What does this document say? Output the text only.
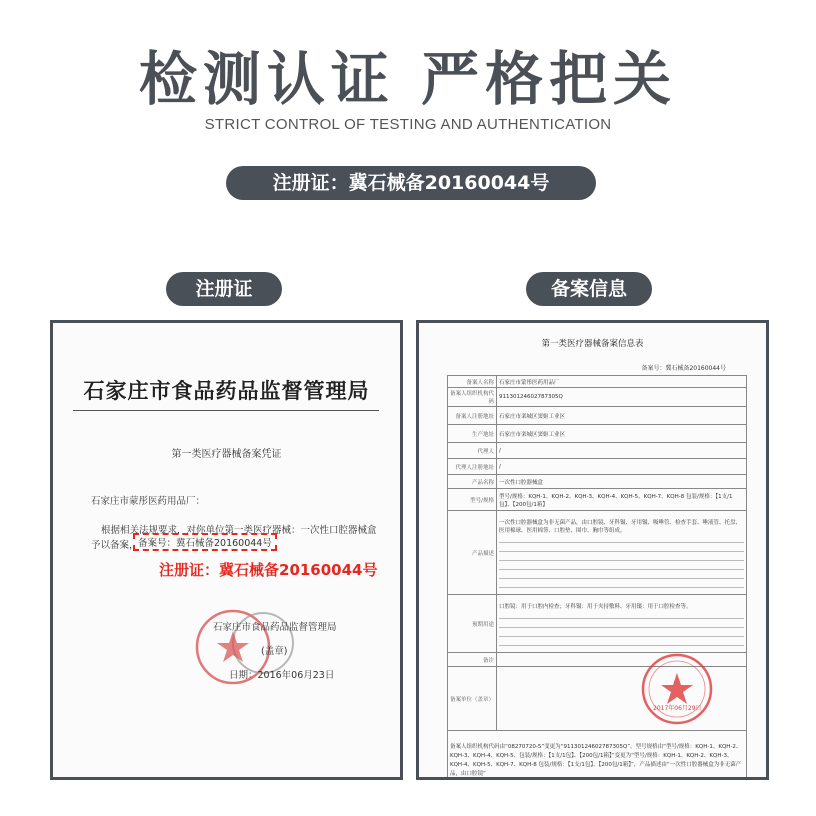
检测认证 严格把关
STRICT CONTROL OF TESTING AND AUTHENTICATION
注册证：冀石械备20160044号
注册证	备案信息
石家庄市食品药品监督管理局
第一类医疗器械备案凭证
石家庄市蒙彤医药用品厂：
根据相关法规要求，对你单位第一类医疗器械：一次性口腔器械盒
予以备案， 备案号：冀石械备20160044号
注册证：冀石械备20160044号
石家庄市食品药品监督管理局
(盖章)
日期：2016年06月23日
第一类医疗器械备案信息表
备案号：冀石械备20160044号
备案人名称	石家庄市蒙彤医药用品厂
备案人组织机构代码	91130124602787305Q
备案人注册地址	石家庄市栾城区窦妪工业区
生产地址	石家庄市栾城区窦妪工业区
代理人	/
代理人注册地址	/
产品名称	一次性口腔器械盒
型号/规格	型号/规格：KQH-1、KQH-2、KQH-3、KQH-4、KQH-5、KQH-7、KQH-8 包装/规格：【1支/1包】、【200包/1箱】
产品描述	一次性口腔器械盒为非无菌产品，由口腔镜、牙科镊、牙用镊、吸唾管、检查手套、唾液管、托盘、医用棉球、医用棉签、口腔垫、围巾、胸巾等组成。

预期用途	口腔镜：用于口腔内检查；牙科镊：用于夹持敷料、牙用镊：用于口腔检查等。

备注	
备案单位（盖章）	
备案人组织机构代码由“08270720-5”变更为“91130124602787305Q”，型号规格由“型号/规格：KQH-1、KQH-2、KQH-3、KQH-4、KQH-5、包装/规格：【1支/1包】、【200包/1箱】”变更为“型号/规格：KQH-1、KQH-2、KQH-3、KQH-4、KQH-5、KQH-7、KQH-8 包装/规格：【1支/1包】、【200包/1箱】”，产品描述由“一次性口腔器械盒为非无菌产品，由口腔镜”	
2017年06月29日
